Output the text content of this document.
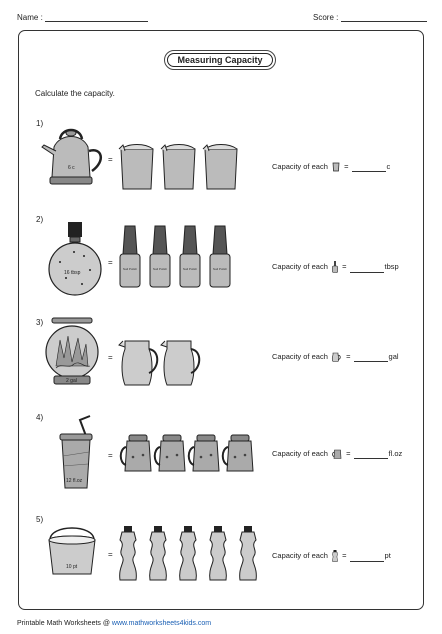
Name :	Score :
Measuring Capacity
Calculate the capacity.
1)
6 c
=
Capacity of each =	c
2)
16 tbsp
=
Nail Polish	Nail Polish	Nail Polish	Nail Polish	Capacity of each =	tbsp
3)
2 gal
=	Capacity of each =	gal
4)
12 fl.oz
=	Capacity of each =	fl.oz
5)
10 pt
=	Capacity of each =	pt
Printable Math Worksheets @ www.mathworksheets4kids.com
